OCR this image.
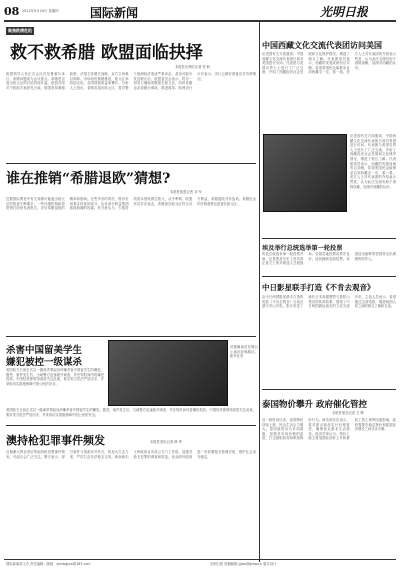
08 2012年5月24日 星期四	国际新闻	光明日报
聚焦欧债危机
救不救希腊 欧盟面临抉择
本报驻比利时记者 张 帆
欧盟领导人非正式会议在布鲁塞尔举行，希腊问题成为会议焦点。希腊是否退出欧元区的讨论持续升温，欧盟各国对于救助方案意见分歧。德国坚持紧缩政策，法国主张增长战略，双方立场难以调和。市场担忧情绪蔓延，欧元汇率持续走低，各国国债收益率攀升。分析人士指出，希腊若退出欧元区，将对整个欧洲经济造成严重冲击，甚至可能引发连锁反应。欧盟委员会表示，将尽一切努力确保希腊留在欧元区，同时希腊也必须履行承诺，推进改革。欧洲央行行长表示，央行已做好准备应对各种情况。
中国西藏文化交流代表团访问美国
应美国有关方面邀请，中国西藏文化交流代表团日前对美国进行访问。代表团与美国各界人士进行了广泛交流，介绍了西藏经济社会发展和文化保护情况，增进了相互了解。代表团成员表示，西藏的发展成就有目共睹，希望美国民众能够亲自到西藏走一走、看一看。美方人士对代表团的介绍表示赞赏，认为此次交流有助于消除误解，加深对西藏的认识。
应美国有关方面邀请，中国西藏文化交流代表团日前对美国进行访问。代表团与美国各界人士进行了广泛交流，介绍了西藏经济社会发展和文化保护情况，增进了相互了解。代表团成员表示，西藏的发展成就有目共睹，希望美国民众能够亲自到西藏走一走、看一看。美方人士对代表团的介绍表示赞赏，认为此次交流有助于消除误解，加深对西藏的认识。
谁在推销“希腊退欧”猜想?
本报驻欧盟记者 刘 军
近期国际舆论中有关希腊可能退出欧元区的报道不断增多，一些评级机构和投资银行纷纷发表报告，评估希腊退欧的概率和影响。这些声音的背后，既有市场真实担忧的成分，也有部分利益集团推波助澜的因素。有分析认为，少数投机资本借机做空欧元，从中牟利。欧盟官员多次表态，希腊留在欧元区符合各方利益，希腊退欧并非选项。希腊民众的多数意愿也是留在欧元区。
埃及举行总统选举第一轮投票
埃及总统选举第一轮投票开始，这是埃及历史上首次真正意义上的多候选人总统选举。全国各地投票站秩序良好，选民踊跃参加投票，希望选出能够带领国家走出困境的领导人。
中日影星联手打造《不肯去观音》
由中日两国影星联手打造的电影《不肯去观音》日前在浙江舟山开机。影片讲述了唐代日本高僧慧锷与普陀山观音的传奇故事，展现了中日两国源远流长的文化交流历史。主创人员表示，希望通过这部电影，增进两国人民之间的相互了解和友谊。
杀害中国留美学生
嫌犯被控一级谋杀
美国检方日前正式以一级谋杀罪起诉涉嫌杀害中国留学生的嫌犯。据悉，案件发生后，当地警方迅速展开调查，并在短时间内将嫌犯抓获。中国驻美使领馆高度关注此案，要求美方依法严惩凶手，并采取切实措施保障中国公民的安全。
美国检方日前正式以一级谋杀罪起诉涉嫌杀害中国留学生的嫌犯。据悉，案件发生后，当地警方迅速展开调查，并在短时间内将嫌犯抓获。中国驻美使领馆高度关注此案，要求美方依法严惩凶手，并采取切实措施保障中国公民的安全。
芭蕾舞演员在舞台上演出经典剧目。新华社发
泰国物价攀升 政府催化管控
本报驻曼谷记者 王 辉
近一段时间以来，泰国物价持续上涨，民众生活压力增大。泰国政府出台多项措施，加强对市场价格的监管，打击囤积居奇和哄抬物价行为。商务部官员表示，将对重点商品实行价格管控，确保民众基本生活需求。经济学家认为，物价上涨主要受国际油价上升和最低工资上调等因素影响，政府需要在稳定物价和促进经济增长之间寻求平衡。
澳持枪犯罪事件频发	本报驻悉尼记者 韩 秀
近期澳大利亚悉尼等地持枪犯罪事件频发，引起社会广泛关注。警方表示，部分案件与帮派冲突有关，将加大打击力度，严厉打击非法枪支交易。新南威尔士州政府宣布成立专门工作组，加强对枪支犯罪的调查和防范。民众呼吁政府进一步收紧枪支管理法规，维护社会治安稳定。
国际新闻部主办 责任编辑：邮箱：gmrbgjxw@163.com	光明日报 投稿邮箱 gjxw@gmw.cn 版式设计
